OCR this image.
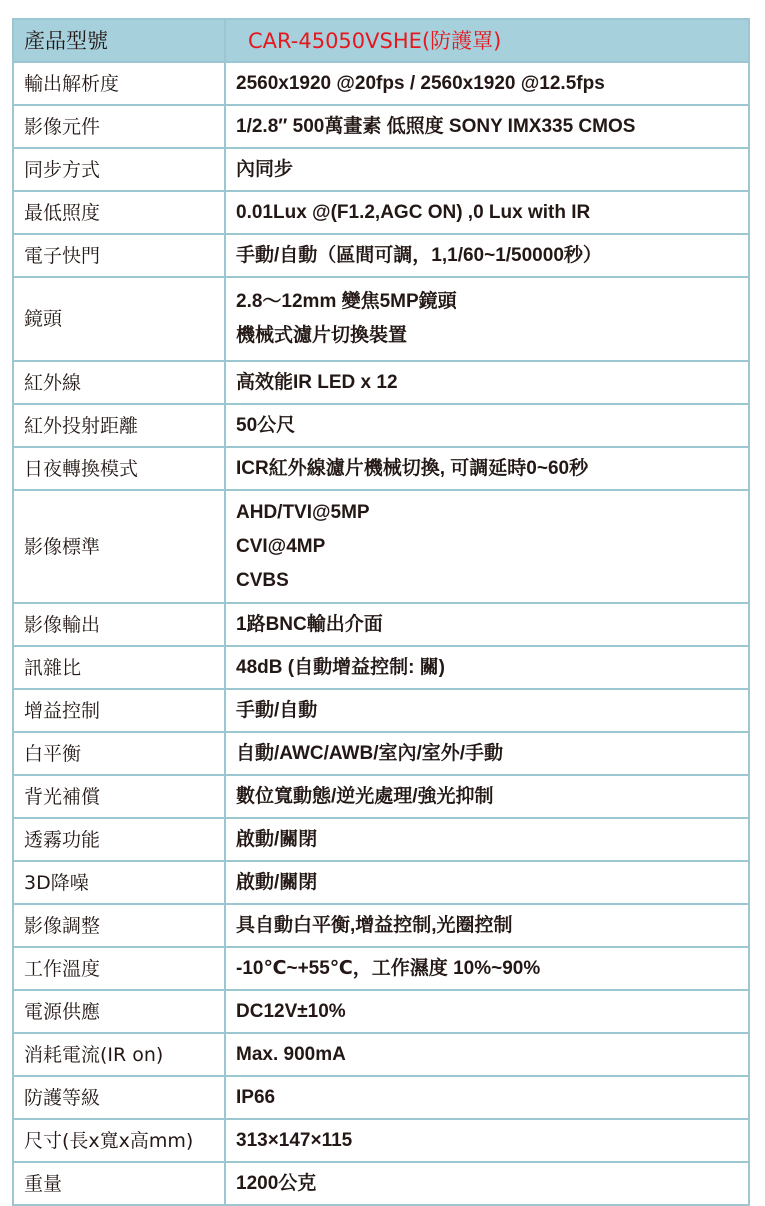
產品型號	CAR-45050VSHE(防護罩)
輸出解析度	2560x1920 @20fps / 2560x1920 @12.5fps

影像元件	1/2.8″ 500萬畫素 低照度 SONY IMX335 CMOS

同步方式	內同步

最低照度	0.01Lux @(F1.2,AGC ON) ,0 Lux with IR

電子快門	手動/自動（區間可調，1,1/60~1/50000秒）

鏡頭	2.8～12mm 變焦5MP鏡頭
機械式濾片切換裝置

紅外線	高效能IR LED x 12

紅外投射距離	50公尺

日夜轉換模式	ICR紅外線濾片機械切換, 可調延時0~60秒

影像標準	AHD/TVI@5MP
CVI@4MP
CVBS

影像輸出	1路BNC輸出介面

訊雜比	48dB (自動增益控制: 關)

增益控制	手動/自動

白平衡	自動/AWC/AWB/室內/室外/手動

背光補償	數位寬動態/逆光處理/強光抑制

透霧功能	啟動/關閉

3D降噪	啟動/關閉

影像調整	具自動白平衡,增益控制,光圈控制

工作溫度	-10℃~+55℃，工作濕度 10%~90%

電源供應	DC12V±10%

消耗電流(IR on)	Max. 900mA

防護等級	IP66

尺寸(長x寬x高mm)	313×147×115

重量	1200公克
